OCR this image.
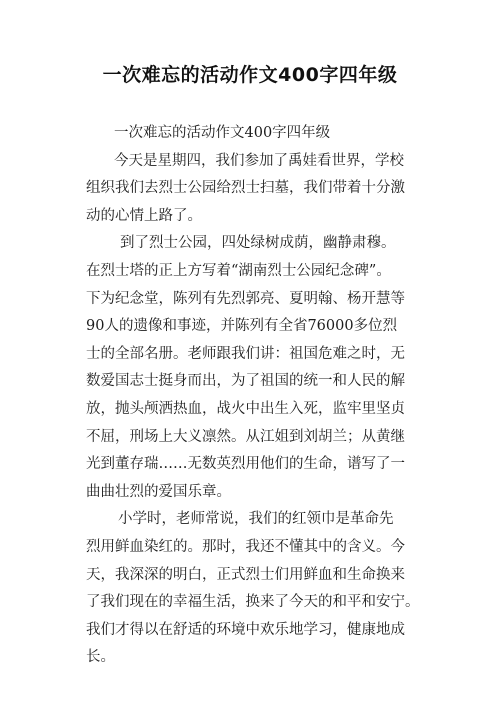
一次难忘的活动作文400字四年级
一次难忘的活动作文400字四年级
今天是星期四，我们参加了禹娃看世界，学校
组织我们去烈士公园给烈士扫墓，我们带着十分激
动的心情上路了。
到了烈士公园，四处绿树成荫，幽静肃穆。
在烈士塔的正上方写着“湖南烈士公园纪念碑”。
下为纪念堂，陈列有先烈郭亮、夏明翰、杨开慧等
90人的遗像和事迹，并陈列有全省76000多位烈
士的全部名册。老师跟我们讲：祖国危难之时，无
数爱国志士挺身而出，为了祖国的统一和人民的解
放，抛头颅洒热血，战火中出生入死，监牢里坚贞
不屈，刑场上大义凛然。从江姐到刘胡兰；从黄继
光到董存瑞……无数英烈用他们的生命，谱写了一
曲曲壮烈的爱国乐章。
小学时，老师常说，我们的红领巾是革命先
烈用鲜血染红的。那时，我还不懂其中的含义。今
天，我深深的明白，正式烈士们用鲜血和生命换来
了我们现在的幸福生活，换来了今天的和平和安宁。
我们才得以在舒适的环境中欢乐地学习，健康地成
长。
